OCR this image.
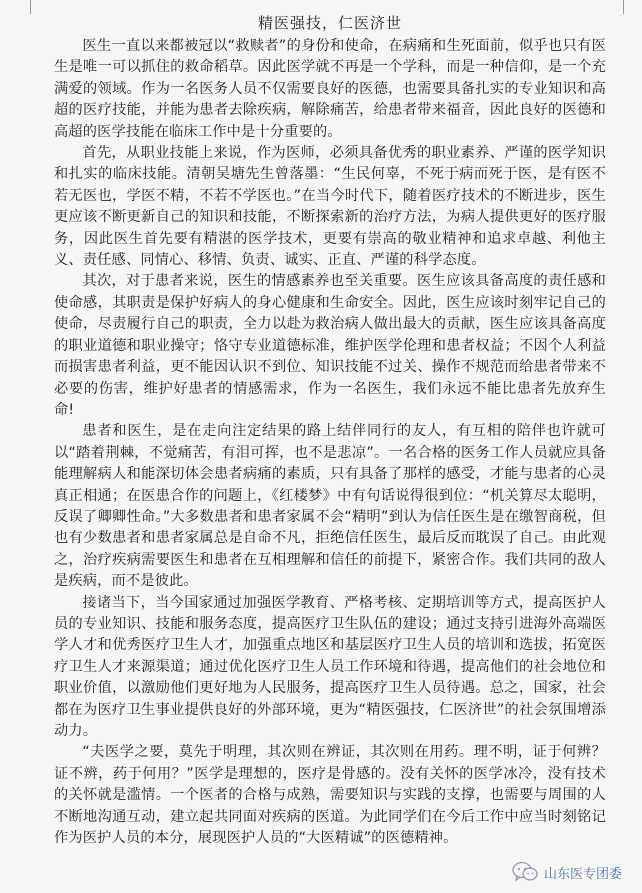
精医强技，仁医济世

医生一直以来都被冠以“救赎者”的身份和使命，在病痛和生死面前，似乎也只有医生是唯一可以抓住的救命稻草。因此医学就不再是一个学科，而是一种信仰，是一个充满爱的领域。作为一名医务人员不仅需要良好的医德，也需要具备扎实的专业知识和高超的医疗技能，并能为患者去除疾病，解除痛苦，给患者带来福音，因此良好的医德和高超的医学技能在临床工作中是十分重要的。

首先，从职业技能上来说，作为医师，必须具备优秀的职业素养、严谨的医学知识和扎实的临床技能。清朝吴塘先生曾落墨：“生民何辜，不死于病而死于医，是有医不若无医也，学医不精，不若不学医也。”在当今时代下，随着医疗技术的不断进步，医生更应该不断更新自己的知识和技能，不断探索新的治疗方法，为病人提供更好的医疗服务，因此医生首先要有精湛的医学技术，更要有崇高的敬业精神和追求卓越、利他主义、责任感、同情心、移情、负责、诚实、正直、严谨的科学态度。

其次，对于患者来说，医生的情感素养也至关重要。医生应该具备高度的责任感和使命感，其职责是保护好病人的身心健康和生命安全。因此，医生应该时刻牢记自己的使命，尽责履行自己的职责，全力以赴为救治病人做出最大的贡献，医生应该具备高度的职业道德和职业操守；恪守专业道德标准，维护医学伦理和患者权益；不因个人利益而损害患者利益，更不能因认识不到位、知识技能不过关、操作不规范而给患者带来不必要的伤害，维护好患者的情感需求，作为一名医生，我们永远不能比患者先放弃生命!

患者和医生，是在走向注定结果的路上结伴同行的友人，有互相的陪伴也许就可以“踏着荆棘，不觉痛苦，有泪可挥，也不是悲凉”。一名合格的医务工作人员就应具备能理解病人和能深切体会患者病痛的素质，只有具备了那样的感受，才能与患者的心灵真正相通；在医患合作的问题上，《红楼梦》中有句话说得很到位：“机关算尽太聪明，反误了卿卿性命。”大多数患者和患者家属不会“精明”到认为信任医生是在缴智商税，但也有少数患者和患者家属总是自命不凡，拒绝信任医生，最后反而耽误了自己。由此观之，治疗疾病需要医生和患者在互相理解和信任的前提下，紧密合作。我们共同的敌人是疾病，而不是彼此。

接诸当下，当今国家通过加强医学教育、严格考核、定期培训等方式，提高医护人员的专业知识、技能和服务态度，提高医疗卫生队伍的建设；通过支持引进海外高端医学人才和优秀医疗卫生人才，加强重点地区和基层医疗卫生人员的培训和选拔，拓宽医疗卫生人才来源渠道；通过优化医疗卫生人员工作环境和待遇，提高他们的社会地位和职业价值，以激励他们更好地为人民服务，提高医疗卫生人员待遇。总之，国家，社会都在为医疗卫生事业提供良好的外部环境，更为“精医强技，仁医济世”的社会氛围增添动力。

“夫医学之要，莫先于明理，其次则在辨证，其次则在用药。理不明，证于何辨？证不辨，药于何用？”医学是理想的，医疗是骨感的。没有关怀的医学冰冷，没有技术的关怀就是滥情。一个医者的合格与成熟，需要知识与实践的支撑，也需要与周围的人不断地沟通互动，建立起共同面对疾病的医道。为此同学们在今后工作中应当时刻铭记作为医护人员的本分，展现医护人员的“大医精诚”的医德精神。

山东医专团委
